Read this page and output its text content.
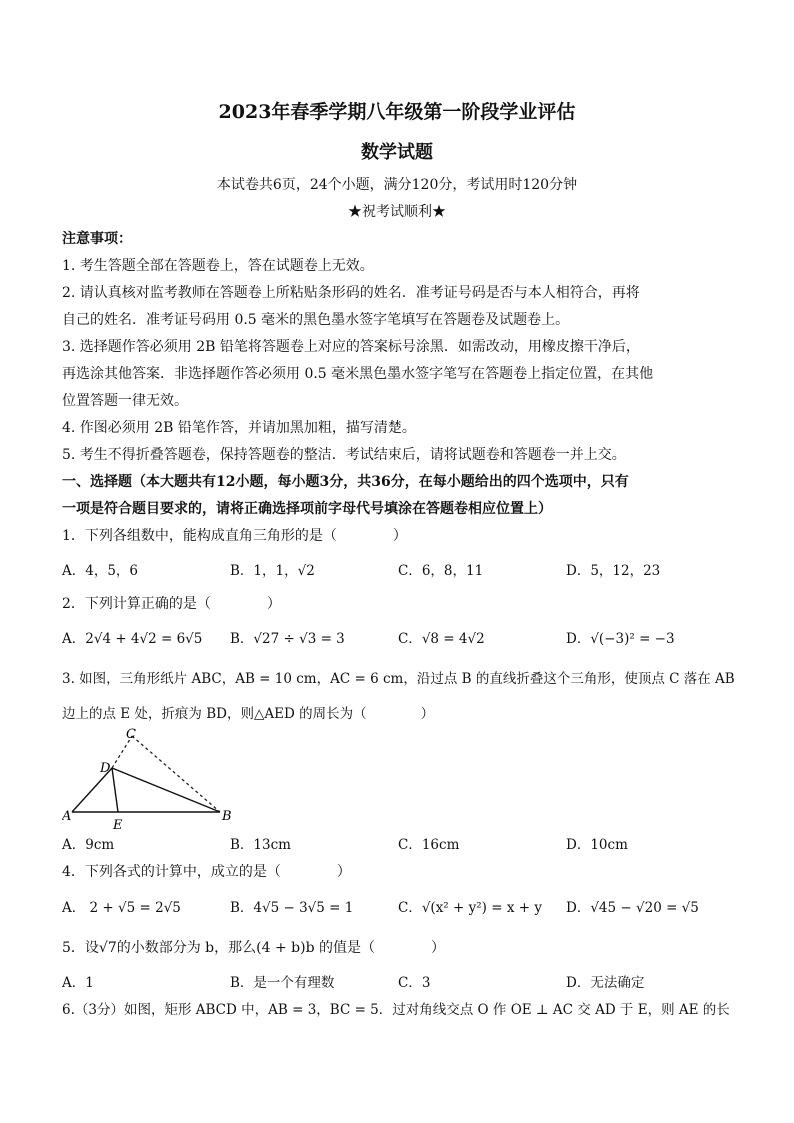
2023年春季学期八年级第一阶段学业评估
数学试题
本试卷共6页，24个小题，满分120分，考试用时120分钟
★祝考试顺利★
注意事项：
1. 考生答题全部在答题卷上，答在试题卷上无效。
2. 请认真核对监考教师在答题卷上所粘贴条形码的姓名．准考证号码是否与本人相符合，再将
自己的姓名．准考证号码用 0.5 毫米的黑色墨水签字笔填写在答题卷及试题卷上。
3. 选择题作答必须用 2B 铅笔将答题卷上对应的答案标号涂黑．如需改动，用橡皮擦干净后，
再选涂其他答案．非选择题作答必须用 0.5 毫米黑色墨水签字笔写在答题卷上指定位置，在其他
位置答题一律无效。
4. 作图必须用 2B 铅笔作答，并请加黑加粗，描写清楚。
5. 考生不得折叠答题卷，保持答题卷的整洁．考试结束后，请将试题卷和答题卷一并上交。
一、选择题（本大题共有12小题，每小题3分，共36分，在每小题给出的四个选项中，只有
一项是符合题目要求的，请将正确选择项前字母代号填涂在答题卷相应位置上）
1．下列各组数中，能构成直角三角形的是（　　　　）
A．4，5，6	B．1，1，√2	C．6，8，11	D．5，12，23
2．下列计算正确的是（　　　　）
A．2√4 + 4√2 = 6√5 B．√27 ÷ √3 = 3	C．√8 = 4√2	D．√(−3)² = −3
3. 如图，三角形纸片 ABC，AB = 10 cm，AC = 6 cm，沿过点 B 的直线折叠这个三角形，使顶点 C 落在 AB
边上的点 E 处，折痕为 BD，则△AED 的周长为（　　　　）
C
D
A
E
B
A．9cm	B．13cm	C．16cm	D．10cm
4．下列各式的计算中，成立的是（　　　　）
A． 2 + √5 = 2√5	B．4√5 − 3√5 = 1	C．√(x² + y²) = x + y D．√45 − √20 = √5
5．设√7的小数部分为 b，那么(4 + b)b 的值是（　　　　）
A．1	B．是一个有理数	C．3	D．无法确定
6.（3分）如图，矩形 ABCD 中，AB = 3，BC = 5．过对角线交点 O 作 OE ⊥ AC 交 AD 于 E，则 AE 的长
